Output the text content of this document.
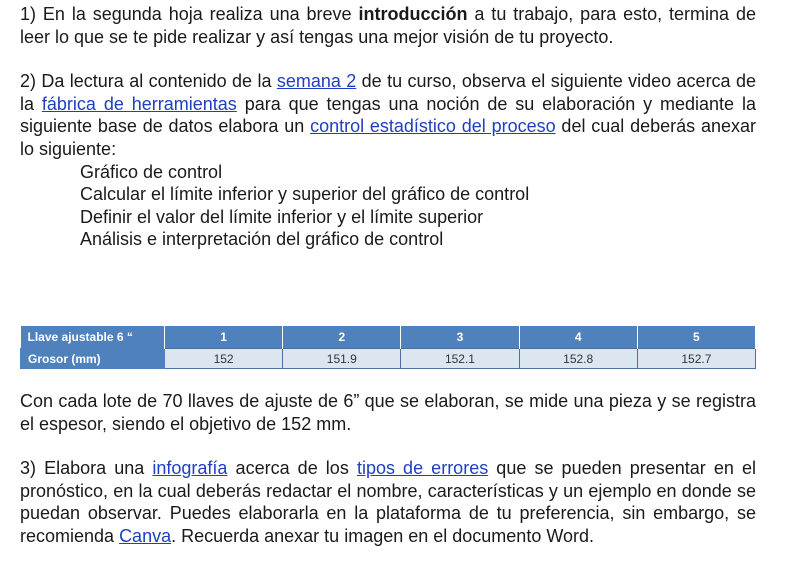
1) En la segunda hoja realiza una breve introducción a tu trabajo, para esto, termina de leer lo que se te pide realizar y así tengas una mejor visión de tu proyecto.

2) Da lectura al contenido de la semana 2 de tu curso, observa el siguiente video acerca de la fábrica de herramientas para que tengas una noción de su elaboración y mediante la siguiente base de datos elabora un control estadístico del proceso del cual deberás anexar lo siguiente:

Gráfico de control
Calcular el límite inferior y superior del gráfico de control
Definir el valor del límite inferior y el límite superior
Análisis e interpretación del gráfico de control
Llave ajustable 6 “	1	2	3	4	5
Grosor (mm)	152	151.9	152.1	152.8	152.7

Con cada lote de 70 llaves de ajuste de 6” que se elaboran, se mide una pieza y se registra el espesor, siendo el objetivo de 152 mm.

3) Elabora una infografía acerca de los tipos de errores que se pueden presentar en el pronóstico, en la cual deberás redactar el nombre, características y un ejemplo en donde se puedan observar. Puedes elaborarla en la plataforma de tu preferencia, sin embargo, se recomienda Canva. Recuerda anexar tu imagen en el documento Word.
